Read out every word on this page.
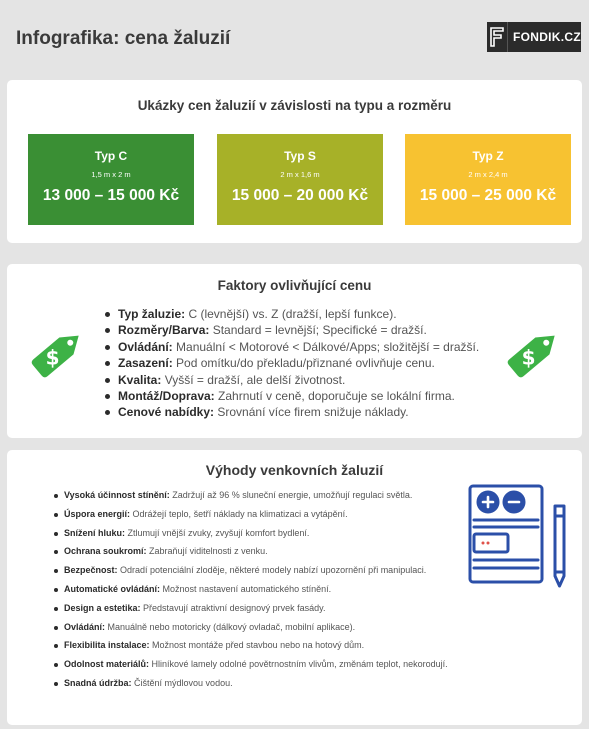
Infografika: cena žaluzií	FONDIK.CZ
Ukázky cen žaluzií v závislosti na typu a rozměru
Typ C
1,5 m x 2 m
13 000 – 15 000 Kč
Typ S
2 m x 1,6 m
15 000 – 20 000 Kč
Typ Z
2 m x 2,4 m
15 000 – 25 000 Kč
Faktory ovlivňující cenu
$
Typ žaluzie: C (levnější) vs. Z (dražší, lepší funkce).
Rozměry/Barva: Standard = levnější; Specifické = dražší.
Ovládání: Manuální < Motorové < Dálkové/Apps; složitější = dražší.
Zasazení: Pod omítku/do překladu/přiznané ovlivňuje cenu.
Kvalita: Vyšší = dražší, ale delší životnost.
Montáž/Doprava: Zahrnutí v ceně, doporučuje se lokální firma.
Cenové nabídky: Srovnání více firem snižuje náklady.
$
Výhody venkovních žaluzií
Vysoká účinnost stínění: Zadržují až 96 % sluneční energie, umožňují regulaci světla.
Úspora energií: Odrážejí teplo, šetří náklady na klimatizaci a vytápění.
Snížení hluku: Ztlumují vnější zvuky, zvyšují komfort bydlení.
Ochrana soukromí: Zabraňují viditelnosti z venku.
Bezpečnost: Odradí potenciální zloděje, některé modely nabízí upozornění při manipulaci.
Automatické ovládání: Možnost nastavení automatického stínění.
Design a estetika: Představují atraktivní designový prvek fasády.
Ovládání: Manuálně nebo motoricky (dálkový ovladač, mobilní aplikace).
Flexibilita instalace: Možnost montáže před stavbou nebo na hotový dům.
Odolnost materiálů: Hliníkové lamely odolné povětrnostním vlivům, změnám teplot, nekorodují.
Snadná údržba: Čištění mýdlovou vodou.
